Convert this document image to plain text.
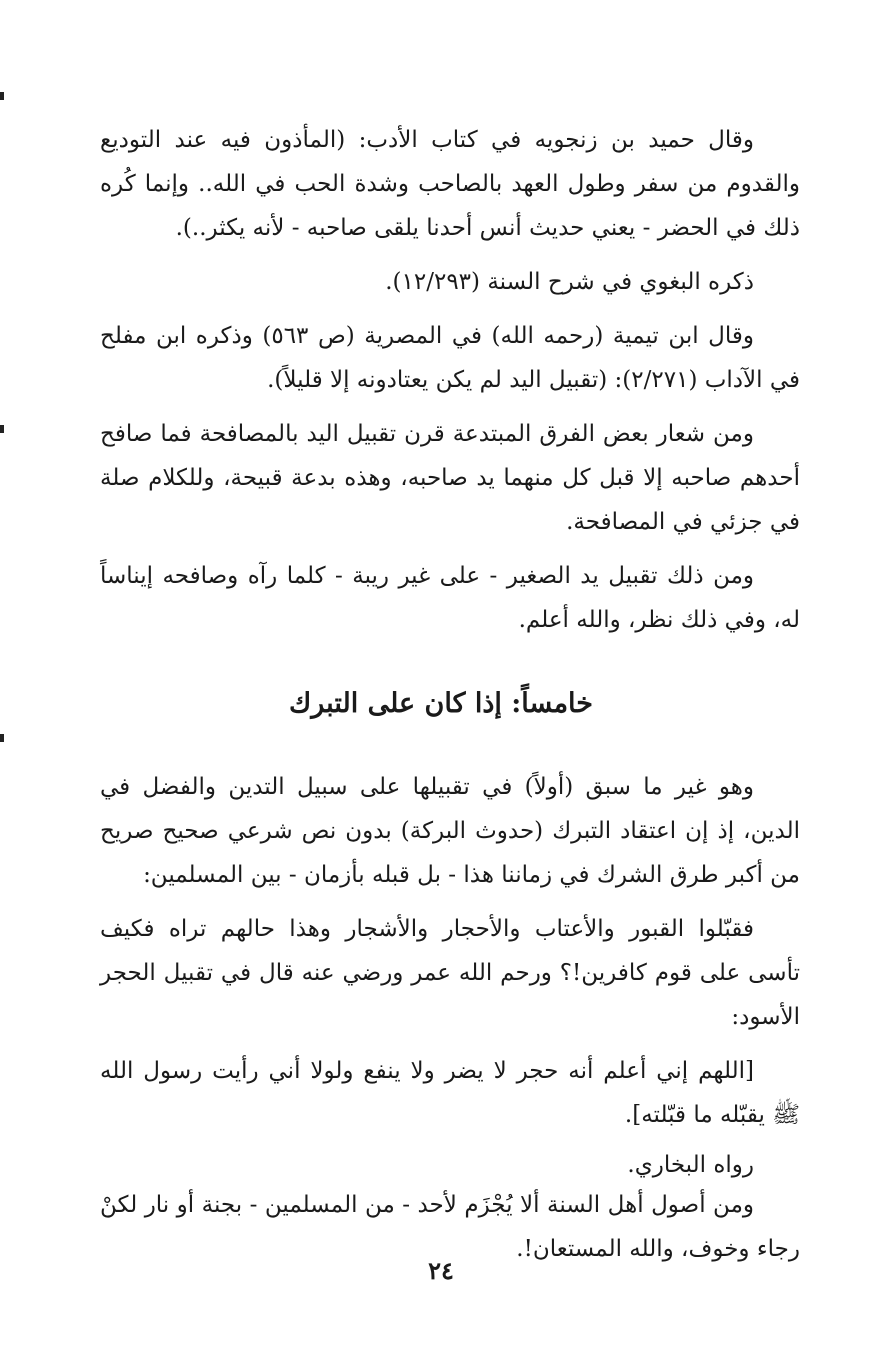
وقال حميد بن زنجويه في كتاب الأدب: (المأذون فيه عند التوديع والقدوم من سفر وطول العهد بالصاحب وشدة الحب في الله.. وإنما كُره ذلك في الحضر - يعني حديث أنس أحدنا يلقى صاحبه - لأنه يكثر..).

ذكره البغوي في شرح السنة (١٢/٢٩٣).

وقال ابن تيمية (رحمه الله) في المصرية (ص ٥٦٣) وذكره ابن مفلح في الآداب (٢/٢٧١): (تقبيل اليد لم يكن يعتادونه إلا قليلاً).

ومن شعار بعض الفرق المبتدعة قرن تقبيل اليد بالمصافحة فما صافح أحدهم صاحبه إلا قبل كل منهما يد صاحبه، وهذه بدعة قبيحة، وللكلام صلة في جزئي في المصافحة.

ومن ذلك تقبيل يد الصغير - على غير ريبة - كلما رآه وصافحه إيناساً له، وفي ذلك نظر، والله أعلم.

خامساً: إذا كان على التبرك

وهو غير ما سبق (أولاً) في تقبيلها على سبيل التدين والفضل في الدين، إذ إن اعتقاد التبرك (حدوث البركة) بدون نص شرعي صحيح صريح من أكبر طرق الشرك في زماننا هذا - بل قبله بأزمان - بين المسلمين:

فقبّلوا القبور والأعتاب والأحجار والأشجار وهذا حالهم تراه فكيف تأسى على قوم كافرين!؟ ورحم الله عمر ورضي عنه قال في تقبيل الحجر الأسود:

[اللهم إني أعلم أنه حجر لا يضر ولا ينفع ولولا أني رأيت رسول الله ﷺ يقبّله ما قبّلته].

رواه البخاري.

ومن أصول أهل السنة ألا يُجْزَم لأحد - من المسلمين - بجنة أو نار لكنْ رجاء وخوف، والله المستعان!.

٢٤
